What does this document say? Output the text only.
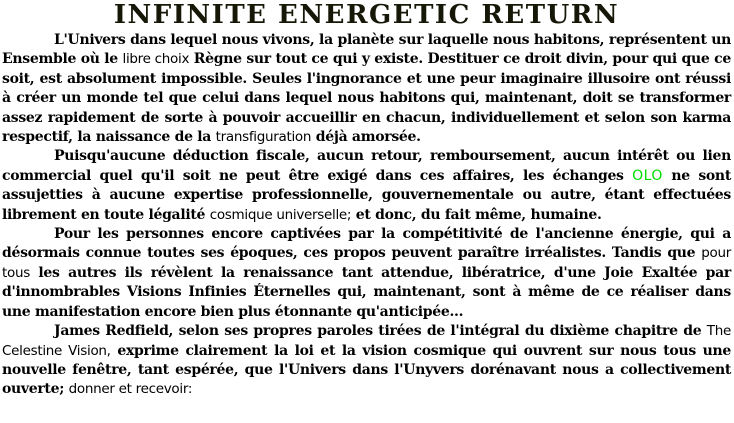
INFINITE ENERGETIC RETURN

L'Univers dans lequel nous vivons, la planète sur laquelle nous habitons, représentent un Ensemble où le libre choix Règne sur tout ce qui y existe. Destituer ce droit divin, pour qui que ce soit, est absolument impossible. Seules l'ingnorance et une peur imaginaire illusoire ont réussi à créer un monde tel que celui dans lequel nous habitons qui, maintenant, doit se transformer assez rapidement de sorte à pouvoir accueillir en chacun, individuellement et selon son karma respectif, la naissance de la transfiguration déjà amorsée.

Puisqu'aucune déduction fiscale, aucun retour, remboursement, aucun intérêt ou lien commercial quel qu'il soit ne peut être exigé dans ces affaires, les échanges OLO ne sont assujetties à aucune expertise professionnelle, gouvernementale ou autre, étant effectuées librement en toute légalité cosmique universelle; et donc, du fait même, humaine.

Pour les personnes encore captivées par la compétitivité de l'ancienne énergie, qui a désormais connue toutes ses époques, ces propos peuvent paraître irréalistes. Tandis que pour tous les autres ils révèlent la renaissance tant attendue, libératrice, d'une Joie Exaltée par d'innombrables Visions Infinies Éternelles qui, maintenant, sont à même de ce réaliser dans une manifestation encore bien plus étonnante qu'anticipée...

James Redfield, selon ses propres paroles tirées de l'intégral du dixième chapitre de The Celestine Vision, exprime clairement la loi et la vision cosmique qui ouvrent sur nous tous une nouvelle fenêtre, tant espérée, que l'Univers dans l'Unyvers dorénavant nous a collectivement ouverte; donner et recevoir:
